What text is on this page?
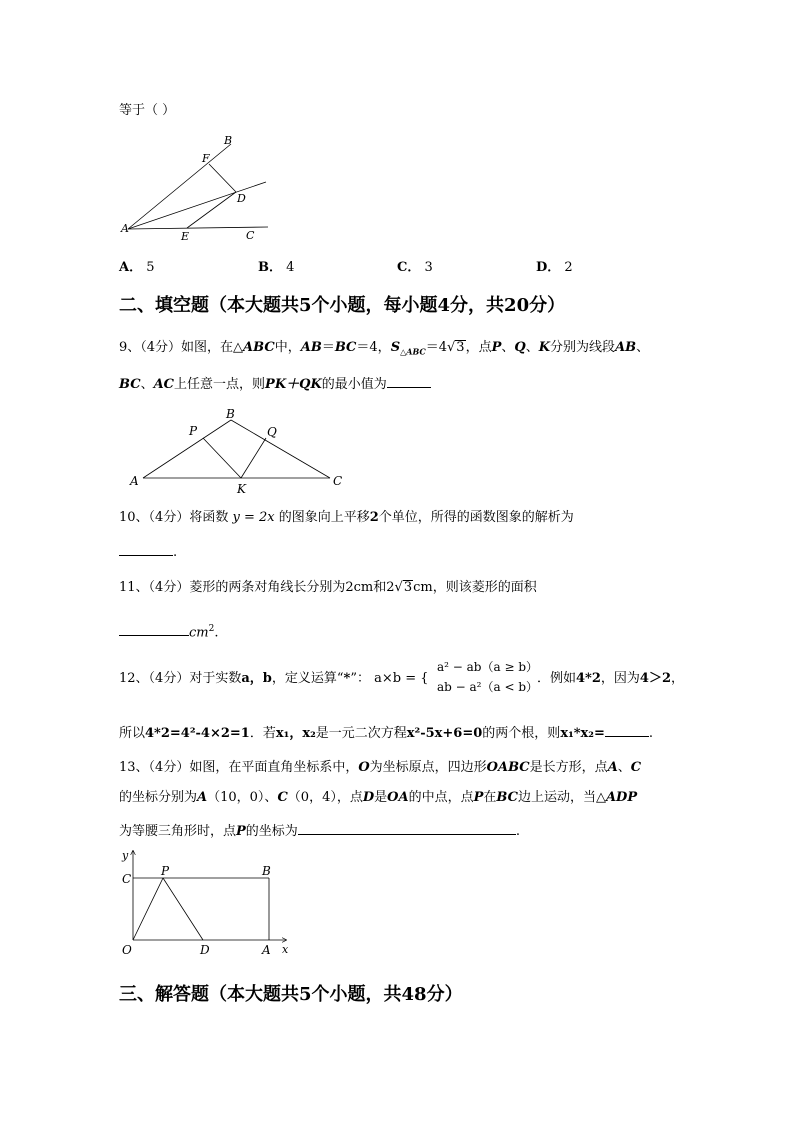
等于（ ）
B
F
D
A
E	C
A． 5	B． 4	C． 3	D． 2
二、填空题（本大题共5个小题，每小题4分，共20分）
9、（4分）如图，在△ABC中，AB＝BC＝4，$S_{\triangle ABC}=4√3$，点P、Q、K分别为线段AB、
BC、AC上任意一点，则PK＋QK的最小值为
A
B
C
P	Q
K
10、（4分）将函数 y = 2x 的图象向上平移2个单位，所得的函数图象的解析为
.
11、（4分）菱形的两条对角线长分别为2cm和2√3cm，则该菱形的面积
$cm^2$.
12、（4分）对于实数a，b，定义运算“*”： a⨯b = {
a² − ab（a ≥ b）
ab − a²（a < b）
．例如4*2，因为4＞2，
所以4*2=4²-4×2=1．若x₁，x₂是一元二次方程x²-5x+6=0的两个根，则x₁*x₂=	.
13、（4分）如图，在平面直角坐标系中，O为坐标原点，四边形OABC是长方形，点A、C
的坐标分别为A（10，0）、C（0，4），点D是OA的中点，点P在BC边上运动，当△ADP
为等腰三角形时，点P的坐标为	.
y
x
C
P	B
O	D	A
三、解答题（本大题共5个小题，共48分）
